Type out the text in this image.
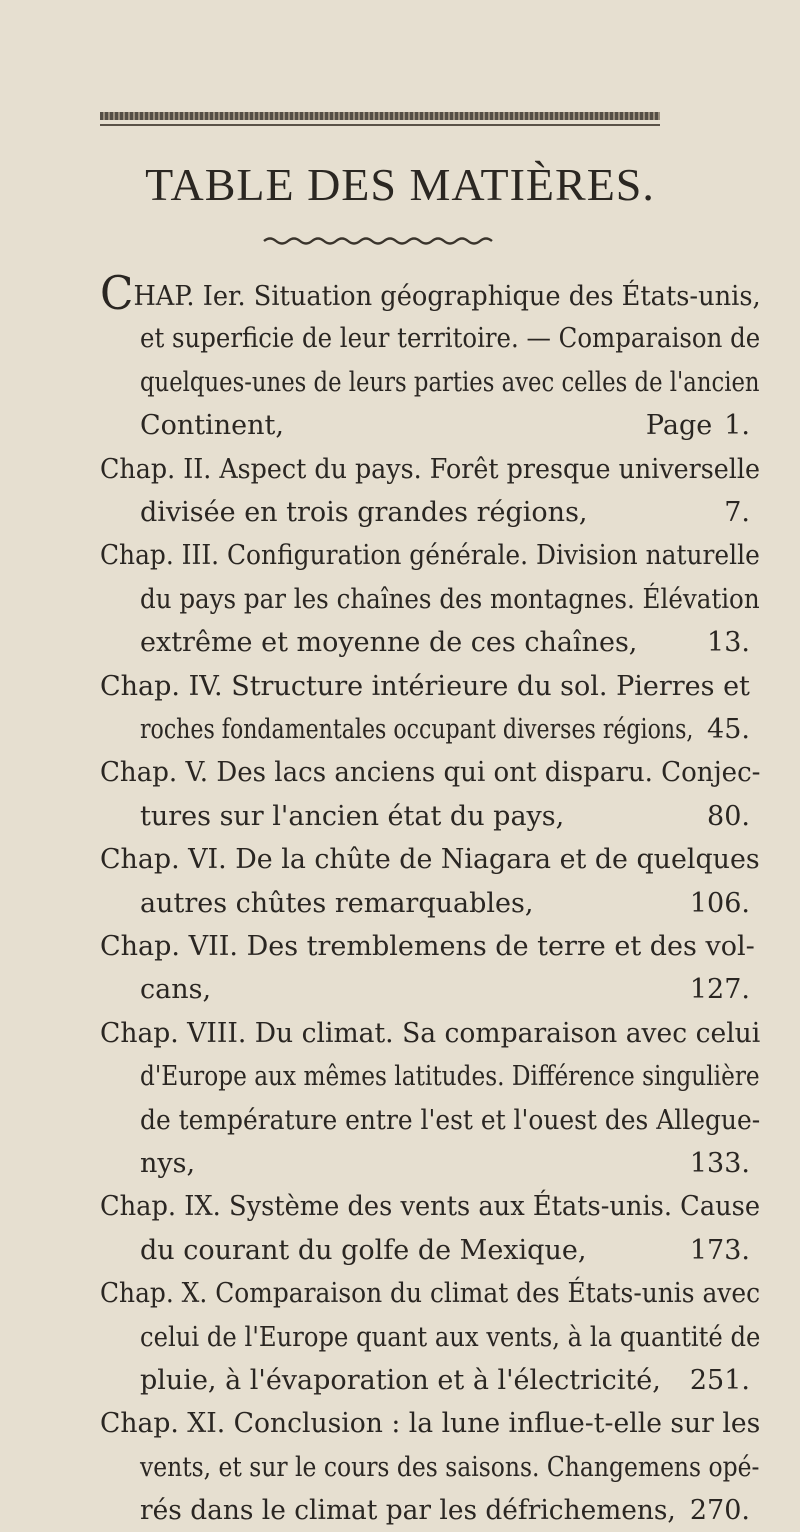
TABLE DES MATIÈRES.
CHAP. Ier. Situation géographique des États-unis,
et superficie de leur territoire. — Comparaison de
quelques-unes de leurs parties avec celles de l'ancien
Continent,	Page 1.
Chap. II. Aspect du pays. Forêt presque universelle
divisée en trois grandes régions,	7.
Chap. III. Configuration générale. Division naturelle
du pays par les chaînes des montagnes. Élévation
extrême et moyenne de ces chaînes,	13.
Chap. IV. Structure intérieure du sol. Pierres et
roches fondamentales occupant diverses régions, 45.
Chap. V. Des lacs anciens qui ont disparu. Conjec-
tures sur l'ancien état du pays,	80.
Chap. VI. De la chûte de Niagara et de quelques
autres chûtes remarquables,	106.
Chap. VII. Des tremblemens de terre et des vol-
cans,	127.
Chap. VIII. Du climat. Sa comparaison avec celui
d'Europe aux mêmes latitudes. Différence singulière
de température entre l'est et l'ouest des Allegue-
nys,	133.
Chap. IX. Système des vents aux États-unis. Cause
du courant du golfe de Mexique,	173.
Chap. X. Comparaison du climat des États-unis avec
celui de l'Europe quant aux vents, à la quantité de
pluie, à l'évaporation et à l'électricité, 251.
Chap. XI. Conclusion : la lune influe-t-elle sur les
vents, et sur le cours des saisons. Changemens opé-
rés dans le climat par les défrichemens, 270.
